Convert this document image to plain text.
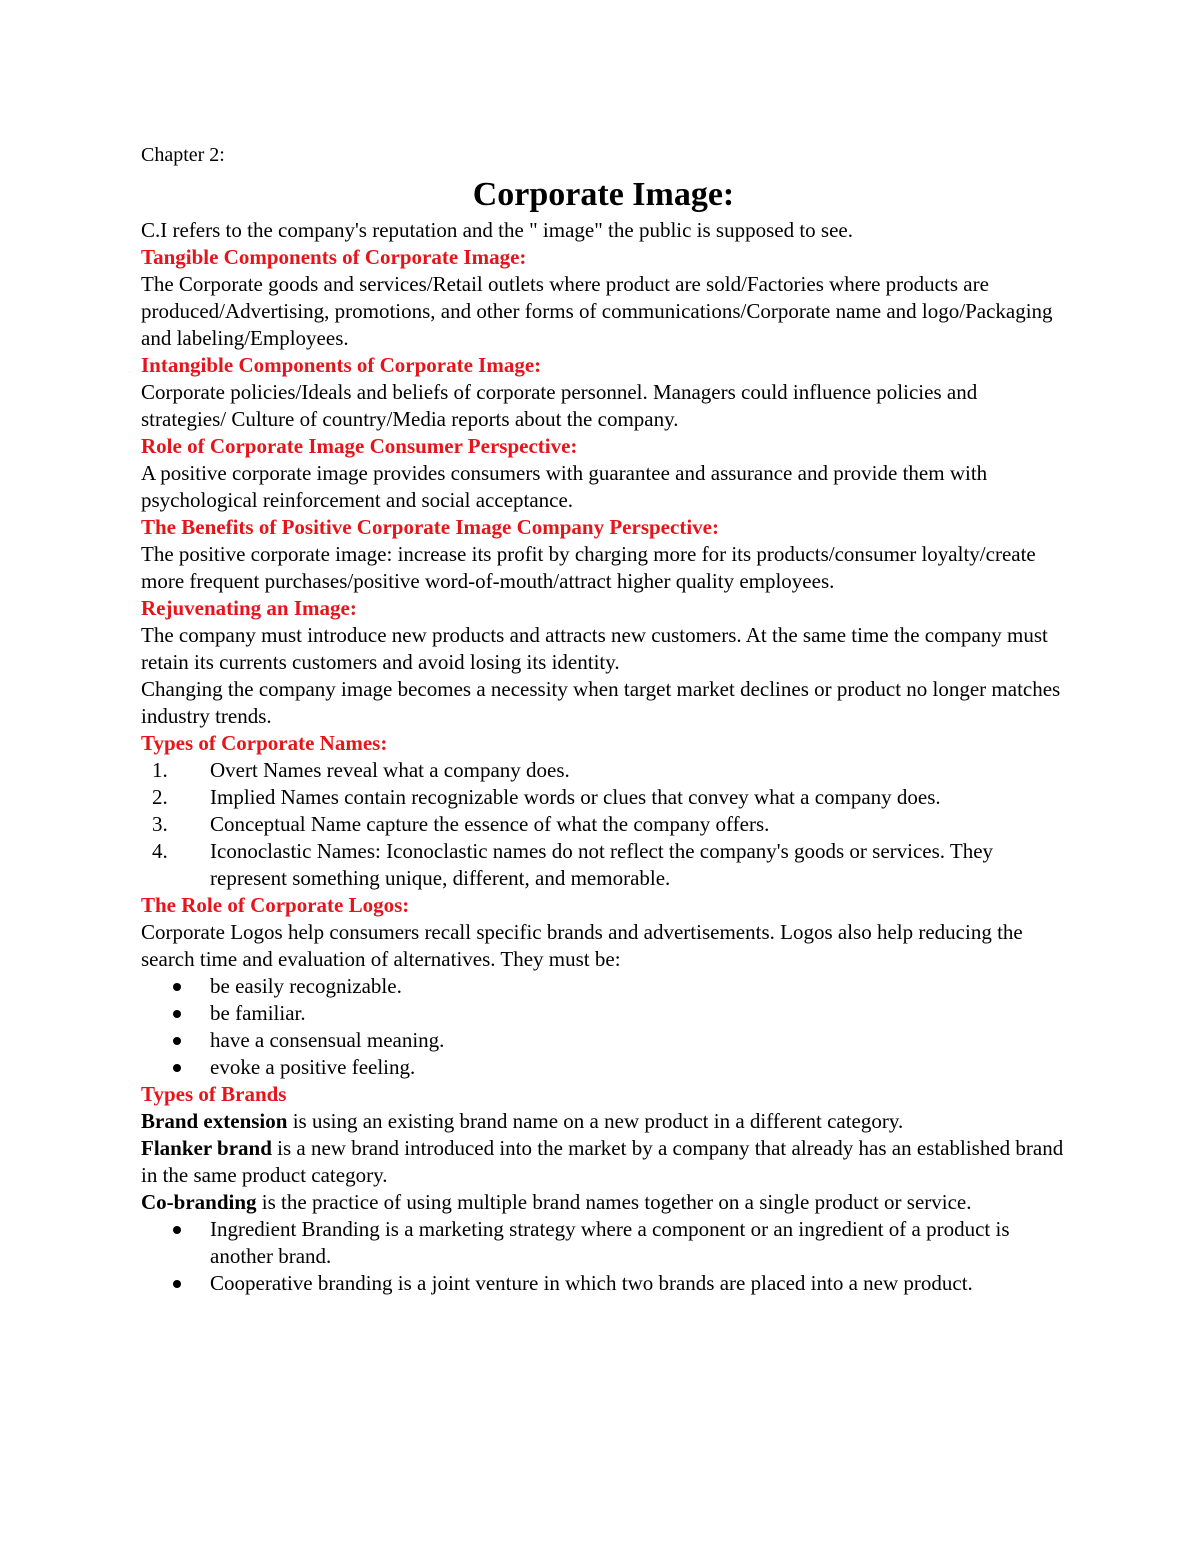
Chapter 2:

Corporate Image:

C.I refers to the company's reputation and the " image" the public is supposed to see.

Tangible Components of Corporate Image:

The Corporate goods and services/Retail outlets where product are sold/Factories where products are produced/Advertising, promotions, and other forms of communications/Corporate name and logo/Packaging and labeling/Employees.

Intangible Components of Corporate Image:

Corporate policies/Ideals and beliefs of corporate personnel. Managers could influence policies and strategies/ Culture of country/Media reports about the company.

Role of Corporate Image Consumer Perspective:

A positive corporate image provides consumers with guarantee and assurance and provide them with psychological reinforcement and social acceptance.

The Benefits of Positive Corporate Image Company Perspective:

The positive corporate image: increase its profit by charging more for its products/consumer loyalty/create more frequent purchases/positive word-of-mouth/attract higher quality employees.

Rejuvenating an Image:

The company must introduce new products and attracts new customers. At the same time the company must retain its currents customers and avoid losing its identity.

Changing the company image becomes a necessity when target market declines or product no longer matches industry trends.

Types of Corporate Names:

1. Overt Names reveal what a company does.
2. Implied Names contain recognizable words or clues that convey what a company does.
3. Conceptual Name capture the essence of what the company offers.
4. Iconoclastic Names: Iconoclastic names do not reflect the company's goods or services. They represent something unique, different, and memorable.

The Role of Corporate Logos:

Corporate Logos help consumers recall specific brands and advertisements. Logos also help reducing the search time and evaluation of alternatives. They must be:

be easily recognizable.
be familiar.
have a consensual meaning.
evoke a positive feeling.

Types of Brands

Brand extension is using an existing brand name on a new product in a different category.

Flanker brand is a new brand introduced into the market by a company that already has an established brand in the same product category.

Co-branding is the practice of using multiple brand names together on a single product or service.

Ingredient Branding is a marketing strategy where a component or an ingredient of a product is another brand.
Cooperative branding is a joint venture in which two brands are placed into a new product.
